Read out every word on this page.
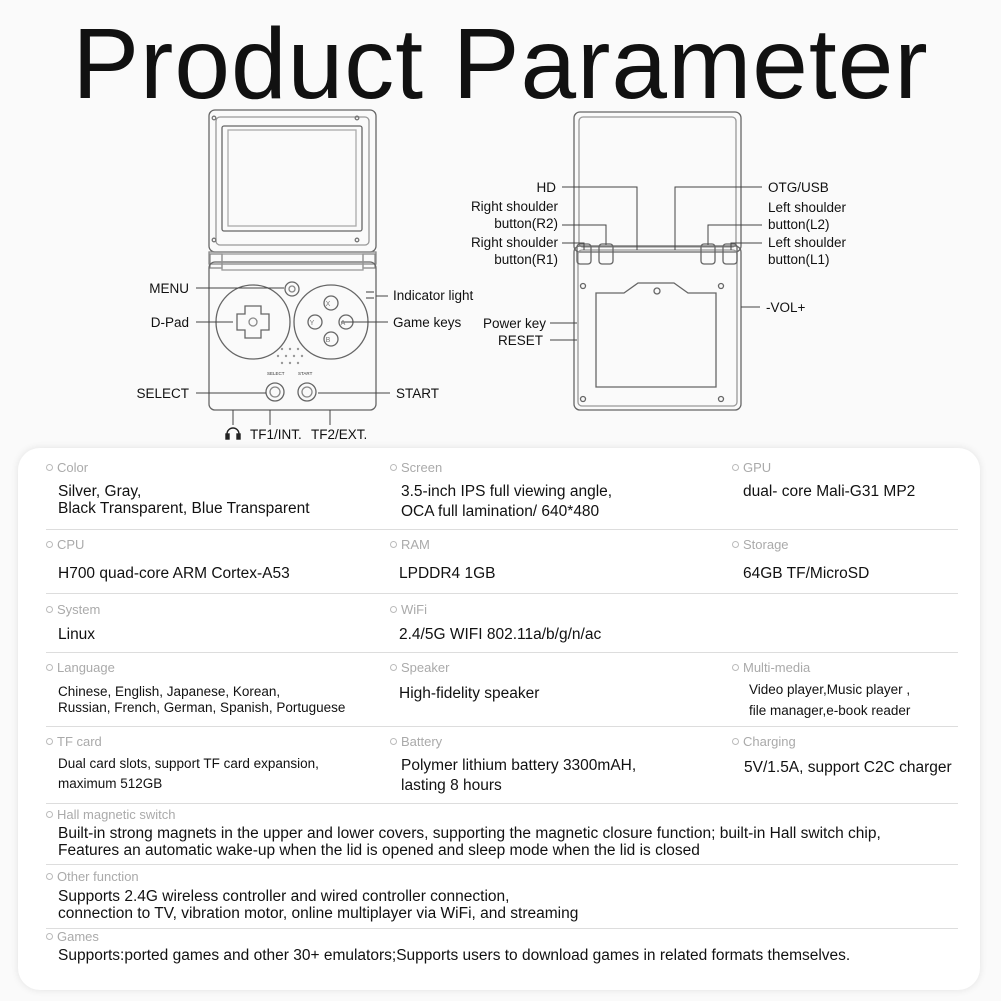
Product Parameter
SELECT	START
X
A
B
Y
MENU
D-Pad
SELECT
Indicator light
Game keys
START
TF1/INT. TF2/EXT.
HD
Right shoulder
button(R2)
Right shoulder
button(R1)
Power key
RESET
OTG/USB
Left shoulder
button(L2)
Left shoulder
button(L1)
-VOL+
Color
Silver, Gray,
Black Transparent, Blue Transparent
Screen
3.5-inch IPS full viewing angle,
OCA full lamination/ 640*480
GPU
dual- core Mali-G31 MP2
CPU
H700 quad-core ARM Cortex-A53
RAM
LPDDR4 1GB
Storage
64GB TF/MicroSD
System
Linux
WiFi
2.4/5G WIFI 802.11a/b/g/n/ac
Language
Chinese, English, Japanese, Korean,
Russian, French, German, Spanish, Portuguese
Speaker
High-fidelity speaker
Multi-media
Video player,Music player ,
file manager,e-book reader
TF card
Dual card slots, support TF card expansion,
maximum 512GB
Battery
Polymer lithium battery 3300mAH,
lasting 8 hours
Charging
5V/1.5A, support C2C charger
Hall magnetic switch
Built-in strong magnets in the upper and lower covers, supporting the magnetic closure function; built-in Hall switch chip,
Features an automatic wake-up when the lid is opened and sleep mode when the lid is closed
Other function
Supports 2.4G wireless controller and wired controller connection,
connection to TV, vibration motor, online multiplayer via WiFi, and streaming
Games
Supports:ported games and other 30+ emulators;Supports users to download games in related formats themselves.
